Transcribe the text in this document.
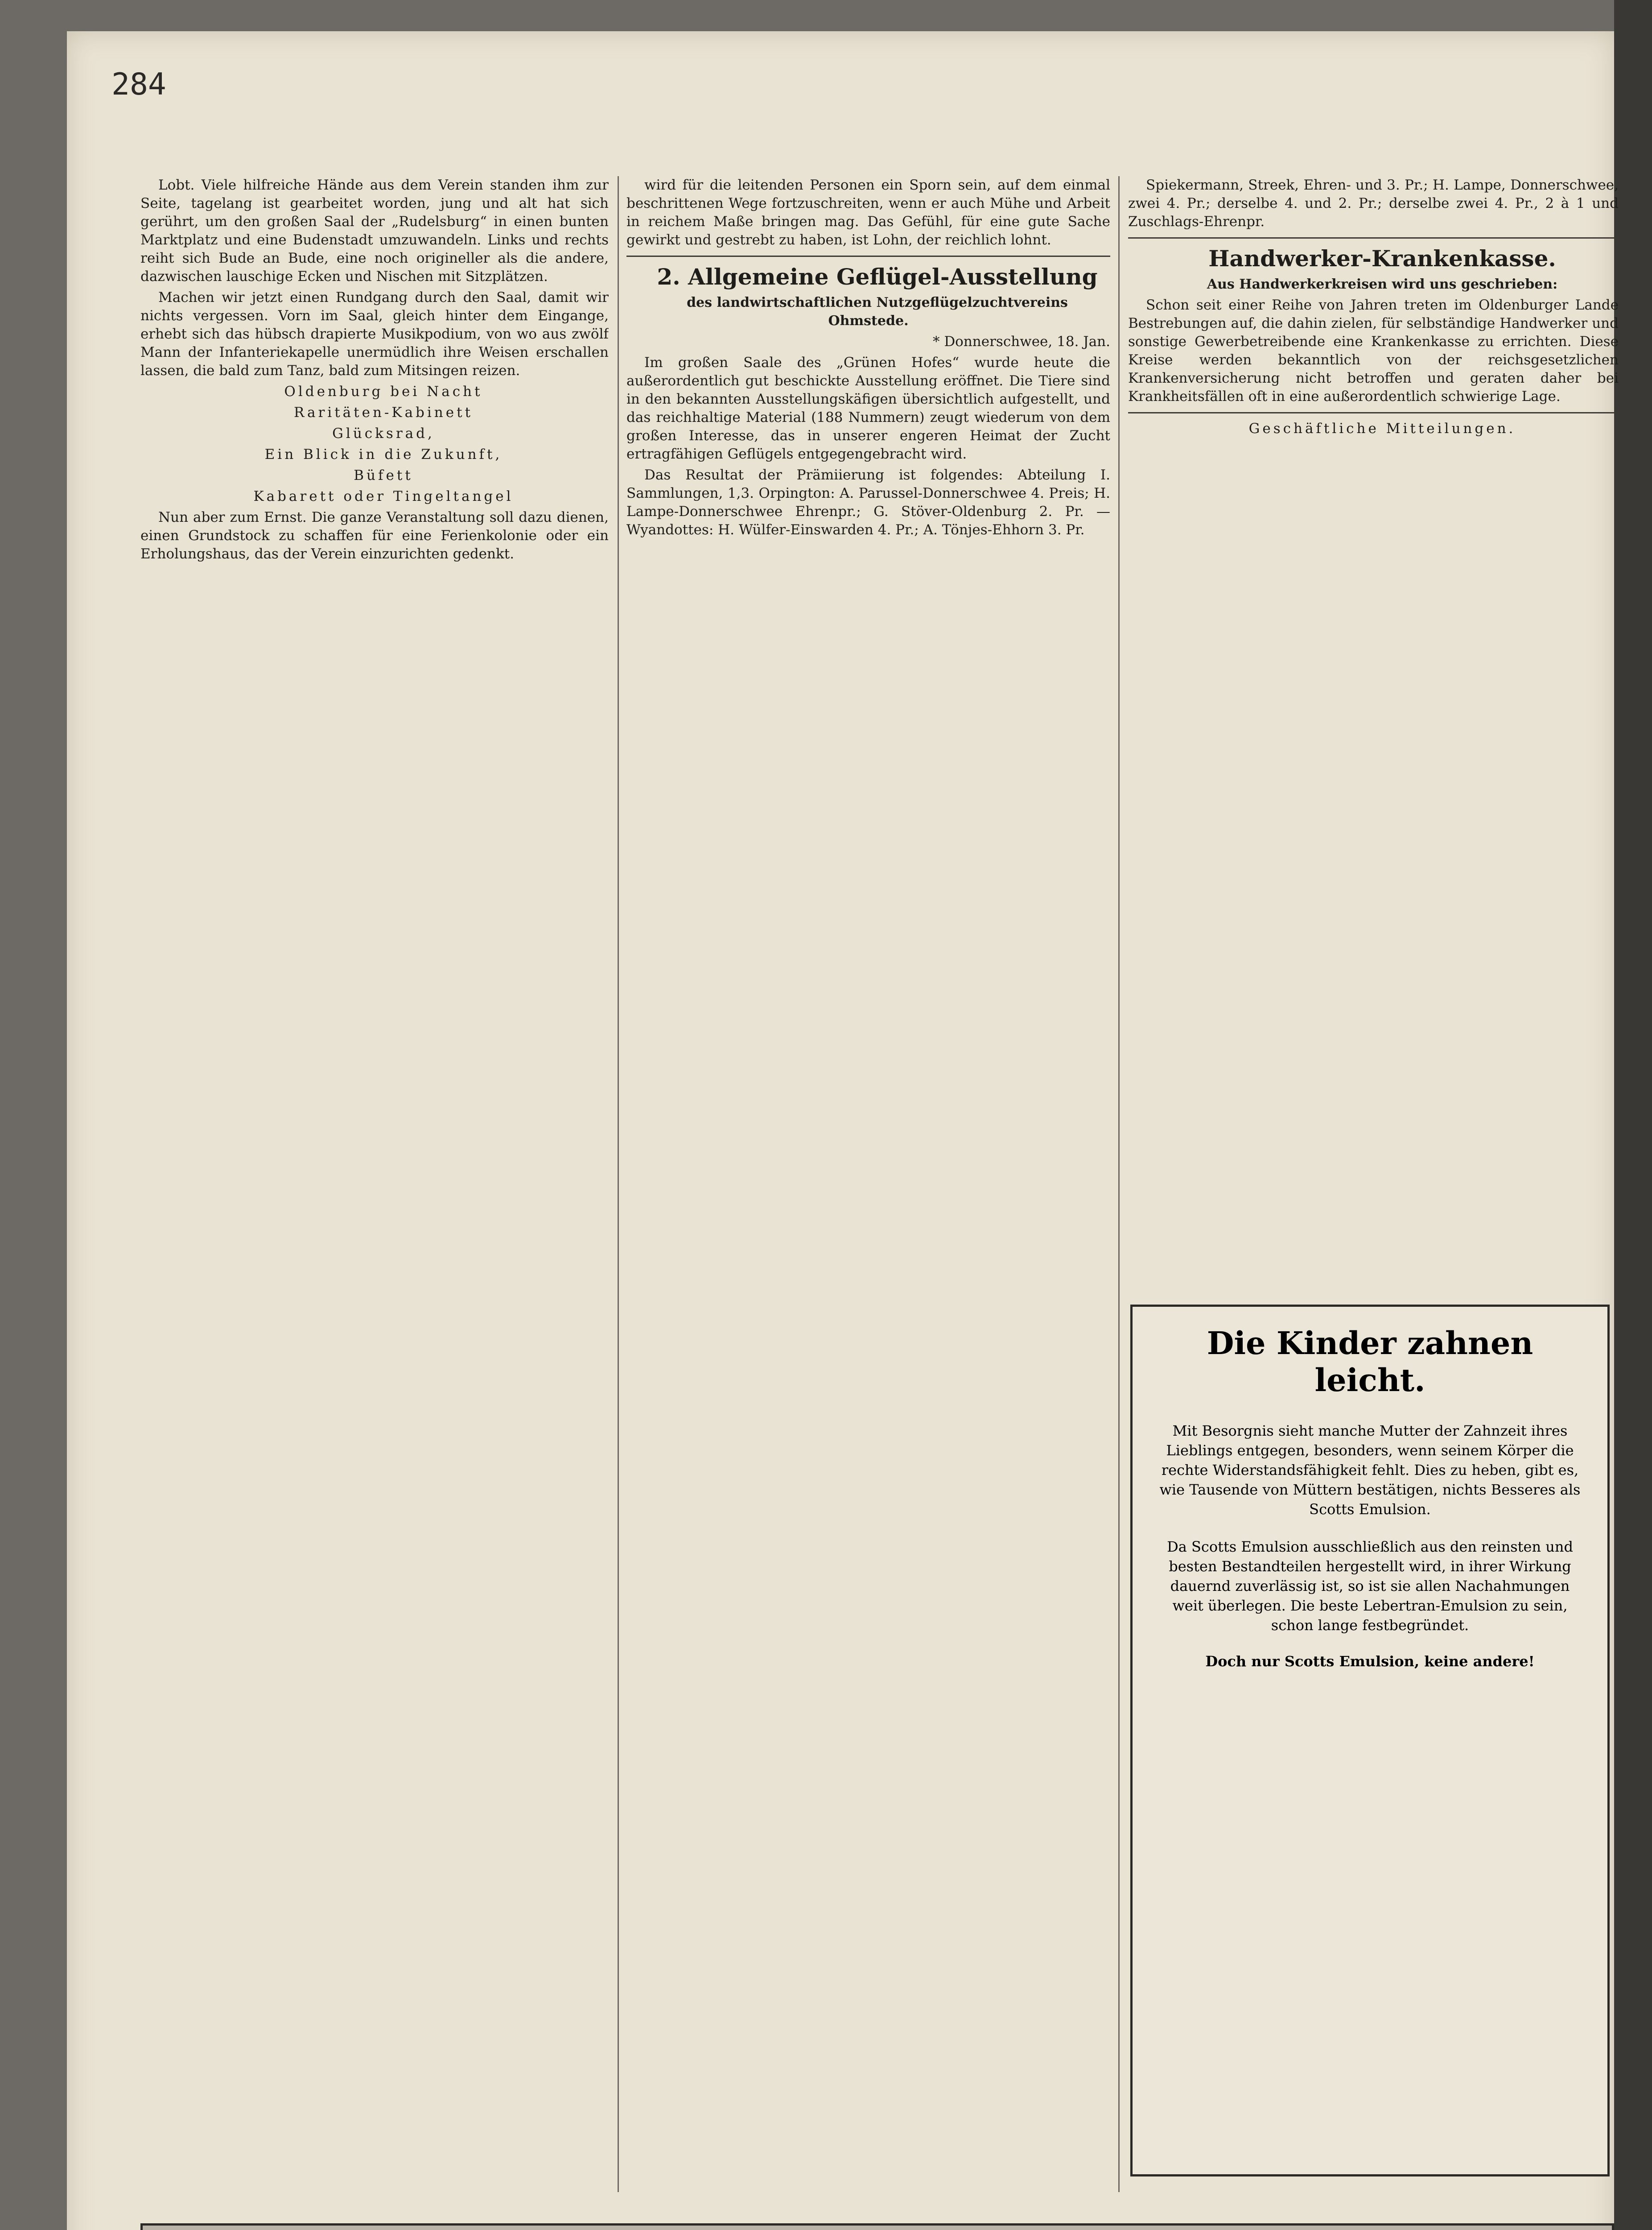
284

Lobt. Viele hilfreiche Hände aus dem Verein standen ihm zur Seite, tagelang ist gearbeitet worden, jung und alt hat sich gerührt, um den großen Saal der „Rudelsburg“ in einen bunten Marktplatz und eine Budenstadt umzuwandeln. Links und rechts reiht sich Bude an Bude, eine noch origineller als die andere, dazwischen lauschige Ecken und Nischen mit Sitzplätzen.

Machen wir jetzt einen Rundgang durch den Saal, damit wir nichts vergessen. Vorn im Saal, gleich hinter dem Eingange, erhebt sich das hübsch drapierte Musikpodium, von wo aus zwölf Mann der Infanteriekapelle unermüdlich ihre Weisen erschallen lassen, die bald zum Tanz, bald zum Mitsingen reizen.

Oldenburg bei Nacht

Raritäten-Kabinett

Glücksrad,

Ein Blick in die Zukunft,

Büfett

Kabarett oder Tingeltangel

Nun aber zum Ernst. Die ganze Veranstaltung soll dazu dienen, einen Grundstock zu schaffen für eine Ferienkolonie oder ein Erholungshaus, das der Verein einzurichten gedenkt.

wird für die leitenden Personen ein Sporn sein, auf dem einmal beschrittenen Wege fortzuschreiten, wenn er auch Mühe und Arbeit in reichem Maße bringen mag. Das Gefühl, für eine gute Sache gewirkt und gestrebt zu haben, ist Lohn, der reichlich lohnt.

2. Allgemeine Geflügel-Ausstellung

des landwirtschaftlichen Nutzgeflügelzuchtvereins Ohmstede.

* Donnerschwee, 18. Jan.

Im großen Saale des „Grünen Hofes“ wurde heute die außerordentlich gut beschickte Ausstellung eröffnet. Die Tiere sind in den bekannten Ausstellungskäfigen übersichtlich aufgestellt, und das reichhaltige Material (188 Nummern) zeugt wiederum von dem großen Interesse, das in unserer engeren Heimat der Zucht ertragfähigen Geflügels entgegengebracht wird.

Das Resultat der Prämiierung ist folgendes: Abteilung I. Sammlungen, 1,3. Orpington: A. Parussel-Donnerschwee 4. Preis; H. Lampe-Donnerschwee Ehrenpr.; G. Stöver-Oldenburg 2. Pr. — Wyandottes: H. Wülfer-Einswarden 4. Pr.; A. Tönjes-Ehhorn 3. Pr.

Spiekermann, Streek, Ehren- und 3. Pr.; H. Lampe, Donnerschwee, zwei 4. Pr.; derselbe 4. und 2. Pr.; derselbe zwei 4. Pr., 2 à 1 und Zuschlags-Ehrenpr.

Handwerker-Krankenkasse.

Aus Handwerkerkreisen wird uns geschrieben:

Schon seit einer Reihe von Jahren treten im Oldenburger Lande Bestrebungen auf, die dahin zielen, für selbständige Handwerker und sonstige Gewerbetreibende eine Krankenkasse zu errichten. Diese Kreise werden bekanntlich von der reichsgesetzlichen Krankenversicherung nicht betroffen und geraten daher bei Krankheitsfällen oft in eine außerordentlich schwierige Lage.

Geschäftliche Mitteilungen.

Die Kinder zahnen leicht.
Mit Besorgnis sieht manche Mutter der Zahnzeit ihres Lieblings entgegen, besonders, wenn seinem Körper die rechte Widerstandsfähigkeit fehlt. Dies zu heben, gibt es, wie Tausende von Müttern bestätigen, nichts Besseres als Scotts Emulsion.
Da Scotts Emulsion ausschließlich aus den reinsten und besten Bestandteilen hergestellt wird, in ihrer Wirkung dauernd zuverlässig ist, so ist sie allen Nachahmungen weit überlegen. Die beste Lebertran-Emulsion zu sein, schon lange festbegründet.
Doch nur Scotts Emulsion, keine andere!
